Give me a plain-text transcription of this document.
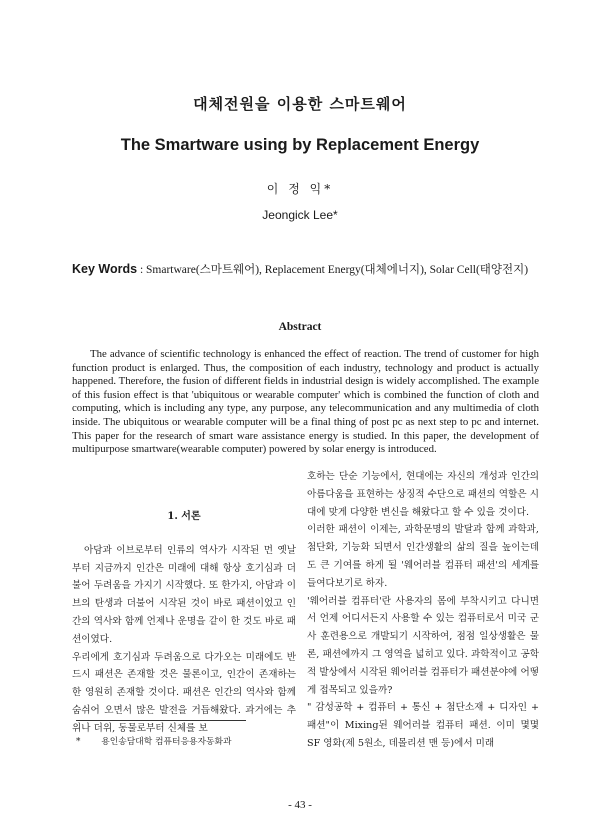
대체전원을 이용한 스마트웨어
The Smartware using by Replacement Energy
이 정 익*
Jeongick Lee*
Key Words : Smartware(스마트웨어), Replacement Energy(대체에너지), Solar Cell(태양전지)
Abstract

The advance of scientific technology is enhanced the effect of reaction. The trend of customer for high function product is enlarged. Thus, the composition of each industry, technology and product is actually happened. Therefore, the fusion of different fields in industrial design is widely accomplished. The example of this fusion effect is that 'ubiquitous or wearable computer' which is combined the function of cloth and computing, which is including any type, any purpose, any telecommunication and any multimedia of cloth inside. The ubiquitous or wearable computer will be a final thing of post pc as next step to pc and internet. This paper for the research of smart ware assistance energy is studied. In this paper, the development of multipurpose smartware(wearable computer) powered by solar energy is introduced.

1. 서론

아담과 이브로부터 인류의 역사가 시작된 먼 옛날부터 지금까지 인간은 미래에 대해 항상 호기심과 더불어 두려움을 가지기 시작했다. 또 한가지, 아담과 이브의 탄생과 더불어 시작된 것이 바로 패션이었고 인간의 역사와 함께 언제나 운명을 같이 한 것도 바로 패션이였다.

우리에게 호기심과 두려움으로 다가오는 미래에도 반드시 패션은 존재할 것은 물론이고, 인간이 존재하는 한 영원히 존재할 것이다. 패션은 인간의 역사와 함께 숨쉬어 오면서 많은 발전을 거듭해왔다. 과거에는 추위나 더위, 동물로부터 신체를 보

호하는 단순 기능에서, 현대에는 자신의 개성과 인간의 아름다움을 표현하는 상징적 수단으로 패션의 역할은 시대에 맞게 다양한 변신을 해왔다고 할 수 있을 것이다.

이러한 패션이 이제는, 과학문명의 발달과 함께 과학과, 첨단화, 기능화 되면서 인간생활의 삶의 질을 높이는데도 큰 기여를 하게 될 '웨어러블 컴퓨터 패션'의 세계를 들여다보기로 하자.

'웨어러블 컴퓨터'란 사용자의 몸에 부착시키고 다니면서 언제 어디서든지 사용할 수 있는 컴퓨터로서 미국 군사 훈련용으로 개발되기 시작하여, 점점 일상생활은 물론, 패션에까지 그 영역을 넓히고 있다. 과학적이고 공학적 발상에서 시작된 웨어러블 컴퓨터가 패션분야에 어떻게 접목되고 있을까?

" 감성공학 + 컴퓨터 + 통신 + 첨단소재 + 디자인 + 패션"이 Mixing된 웨어러블 컴퓨터 패션. 이미 몇몇 SF 영화(제 5원소, 데몰리션 맨 등)에서 미래

* 용인송담대학 컴퓨터응용자동화과
- 43 -
